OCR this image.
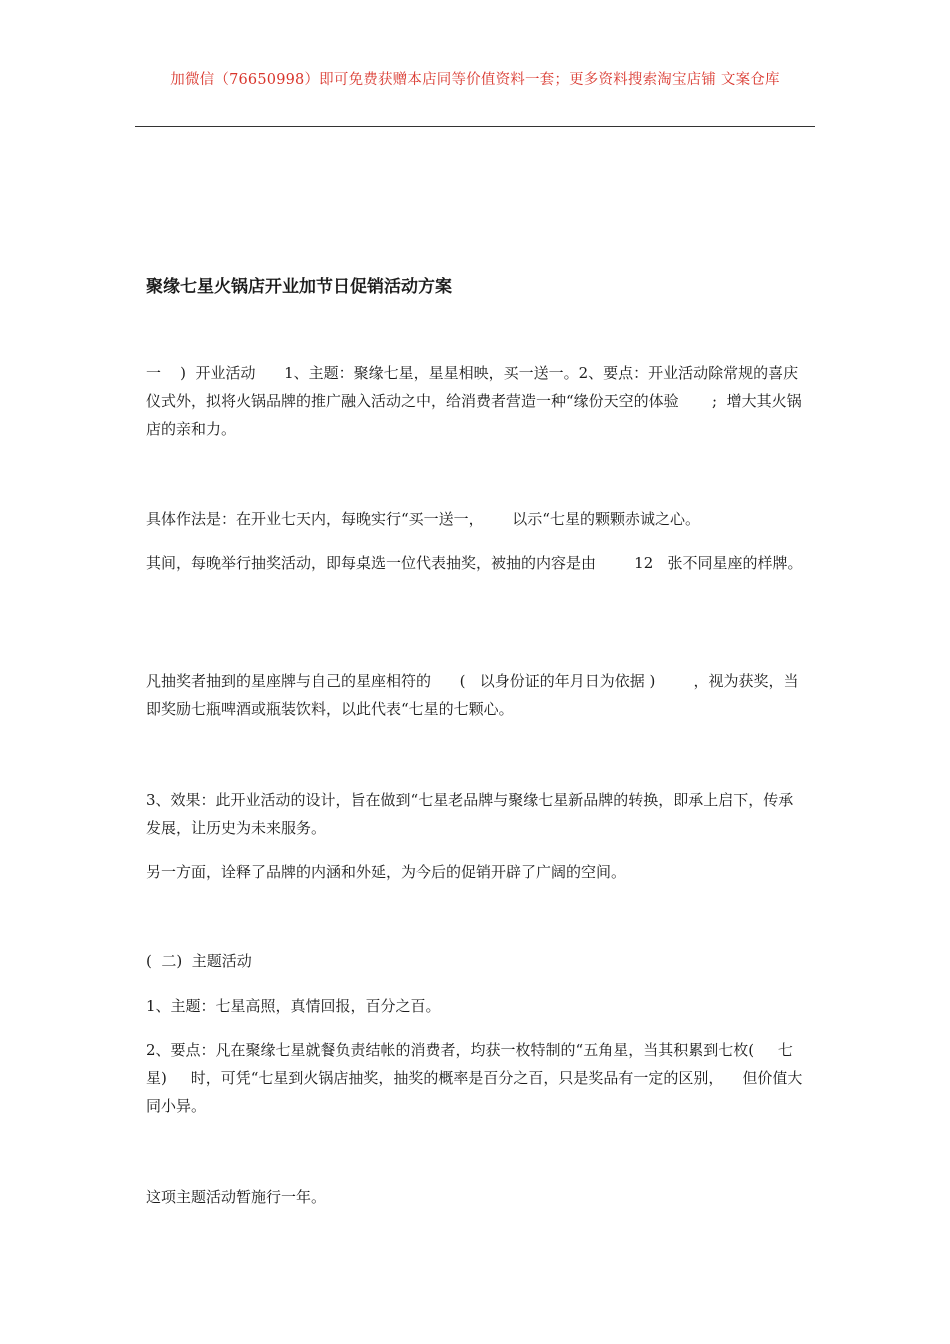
加微信（76650998）即可免费获赠本店同等价值资料一套；更多资料搜索淘宝店铺 文案仓库
聚缘七星火锅店开业加节日促销活动方案

一    )  开业活动      1、主题：聚缘七星，星星相映，买一送一。2、要点：开业活动除常规的喜庆仪式外，拟将火锅品牌的推广融入活动之中，给消费者营造一种“缘份天空的体验       ;  增大其火锅店的亲和力。

具体作法是：在开业七天内，每晚实行“买一送一，      以示“七星的颗颗赤诚之心。

其间，每晚举行抽奖活动，即每桌选一位代表抽奖，被抽的内容是由        12   张不同星座的样牌。

凡抽奖者抽到的星座牌与自己的星座相符的      (   以身份证的年月日为依据 )        ，视为获奖，当即奖励七瓶啤酒或瓶装饮料，以此代表“七星的七颗心。

3、效果：此开业活动的设计，旨在做到“七星老品牌与聚缘七星新品牌的转换，即承上启下，传承发展，让历史为未来服务。

另一方面，诠释了品牌的内涵和外延，为今后的促销开辟了广阔的空间。

(  二)  主题活动

1、主题：七星高照，真情回报，百分之百。

2、要点：凡在聚缘七星就餐负责结帐的消费者，均获一枚特制的“五角星，当其积累到七枚(     七星)     时，可凭“七星到火锅店抽奖，抽奖的概率是百分之百，只是奖品有一定的区别，    但价值大同小异。

这项主题活动暂施行一年。
